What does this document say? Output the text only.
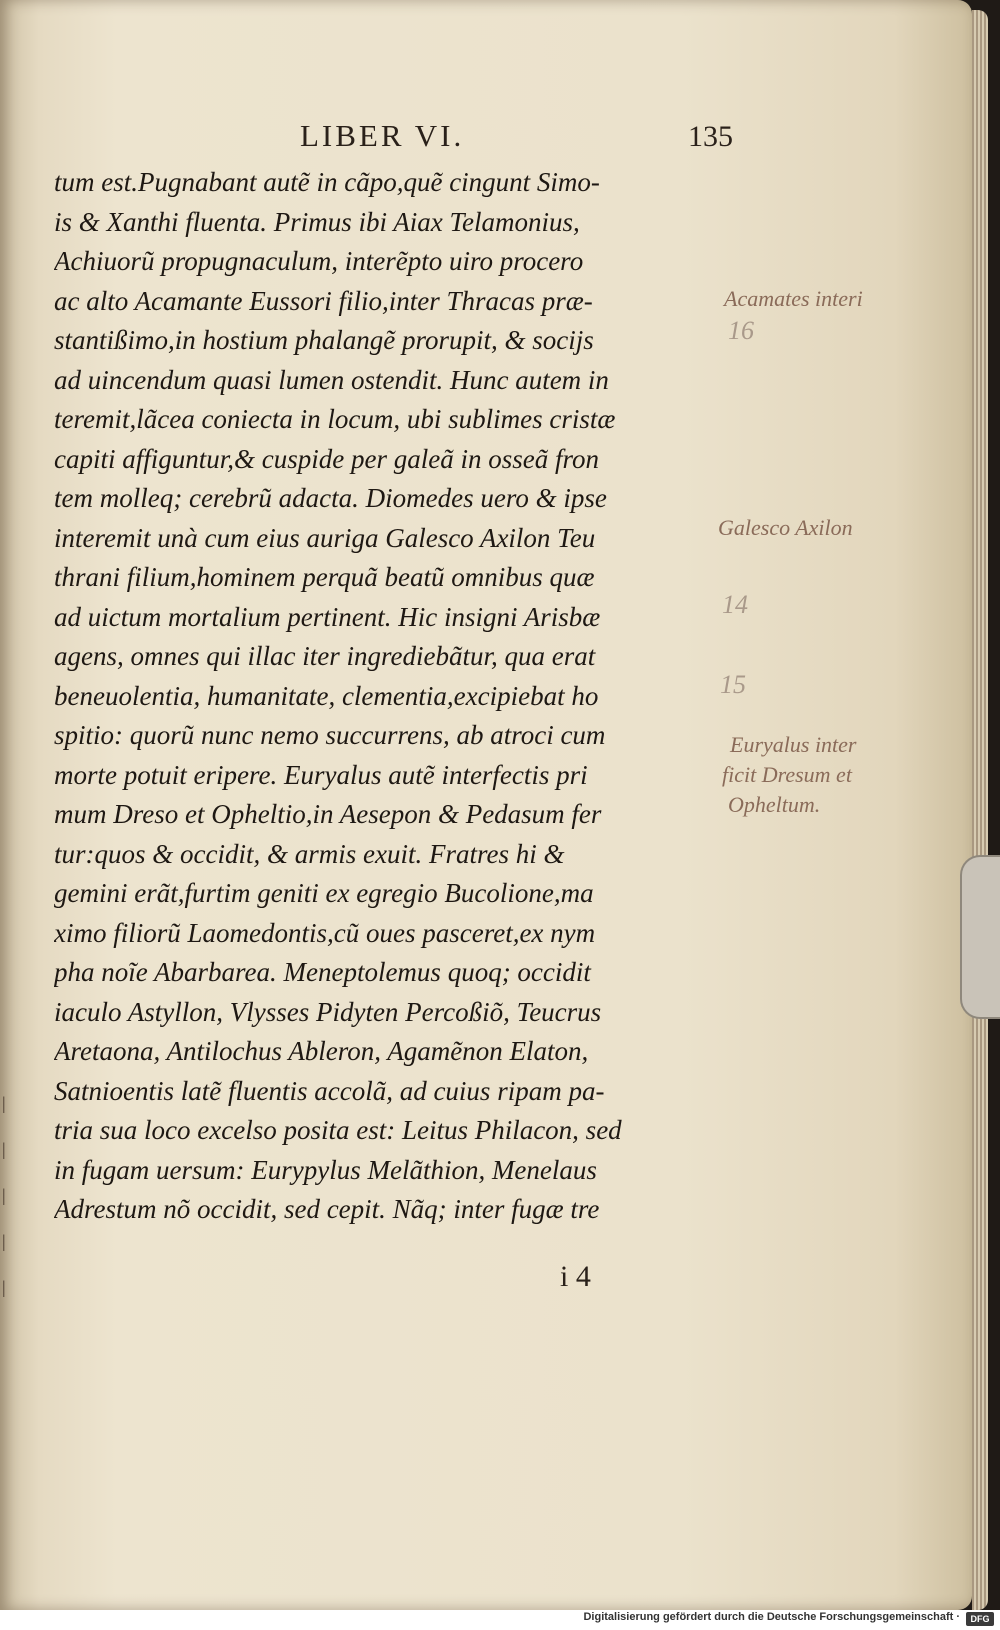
LIBER VI.	135
tum est.Pugnabant autẽ in cãpo,quẽ cingunt Simo-
is & Xanthi fluenta. Primus ibi Aiax Telamonius,
Achiuorũ propugnaculum, interẽpto uiro procero
ac alto Acamante Eussori filio,inter Thracas præ-
stantißimo,in hostium phalangẽ prorupit, & socijs
ad uincendum quasi lumen ostendit. Hunc autem in
teremit,lãcea coniecta in locum, ubi sublimes cristæ
capiti affiguntur,& cuspide per galeã in osseã fron
tem molleq; cerebrũ adacta. Diomedes uero & ipse
interemit unà cum eius auriga Galesco Axilon Teu
thrani filium,hominem perquã beatũ omnibus quæ
ad uictum mortalium pertinent. Hic insigni Arisbæ
agens, omnes qui illac iter ingrediebãtur, qua erat
beneuolentia, humanitate, clementia,excipiebat ho
spitio: quorũ nunc nemo succurrens, ab atroci cum
morte potuit eripere. Euryalus autẽ interfectis pri
mum Dreso et Opheltio,in Aesepon & Pedasum fer
tur:quos & occidit, & armis exuit. Fratres hi &
gemini erãt,furtim geniti ex egregio Bucolione,ma
ximo filiorũ Laomedontis,cũ oues pasceret,ex nym
pha noĩe Abarbarea. Meneptolemus quoq; occidit
iaculo Astyllon, Vlysses Pidyten Percoßiõ, Teucrus
Aretaona, Antilochus Ableron, Agamẽnon Elaton,
Satnioentis latẽ fluentis accolã, ad cuius ripam pa-
tria sua loco excelso posita est: Leitus Philacon, sed
in fugam uersum: Eurypylus Melãthion, Menelaus
Adrestum nõ occidit, sed cepit. Nãq; inter fugæ tre
Acamates interi
16
Galesco Axilon
14
15
Euryalus inter
ficit Dresum et
Opheltum.
|
|
|
|
|	i 4
Digitalisierung gefördert durch die Deutsche Forschungsgemeinschaft ·	DFG
